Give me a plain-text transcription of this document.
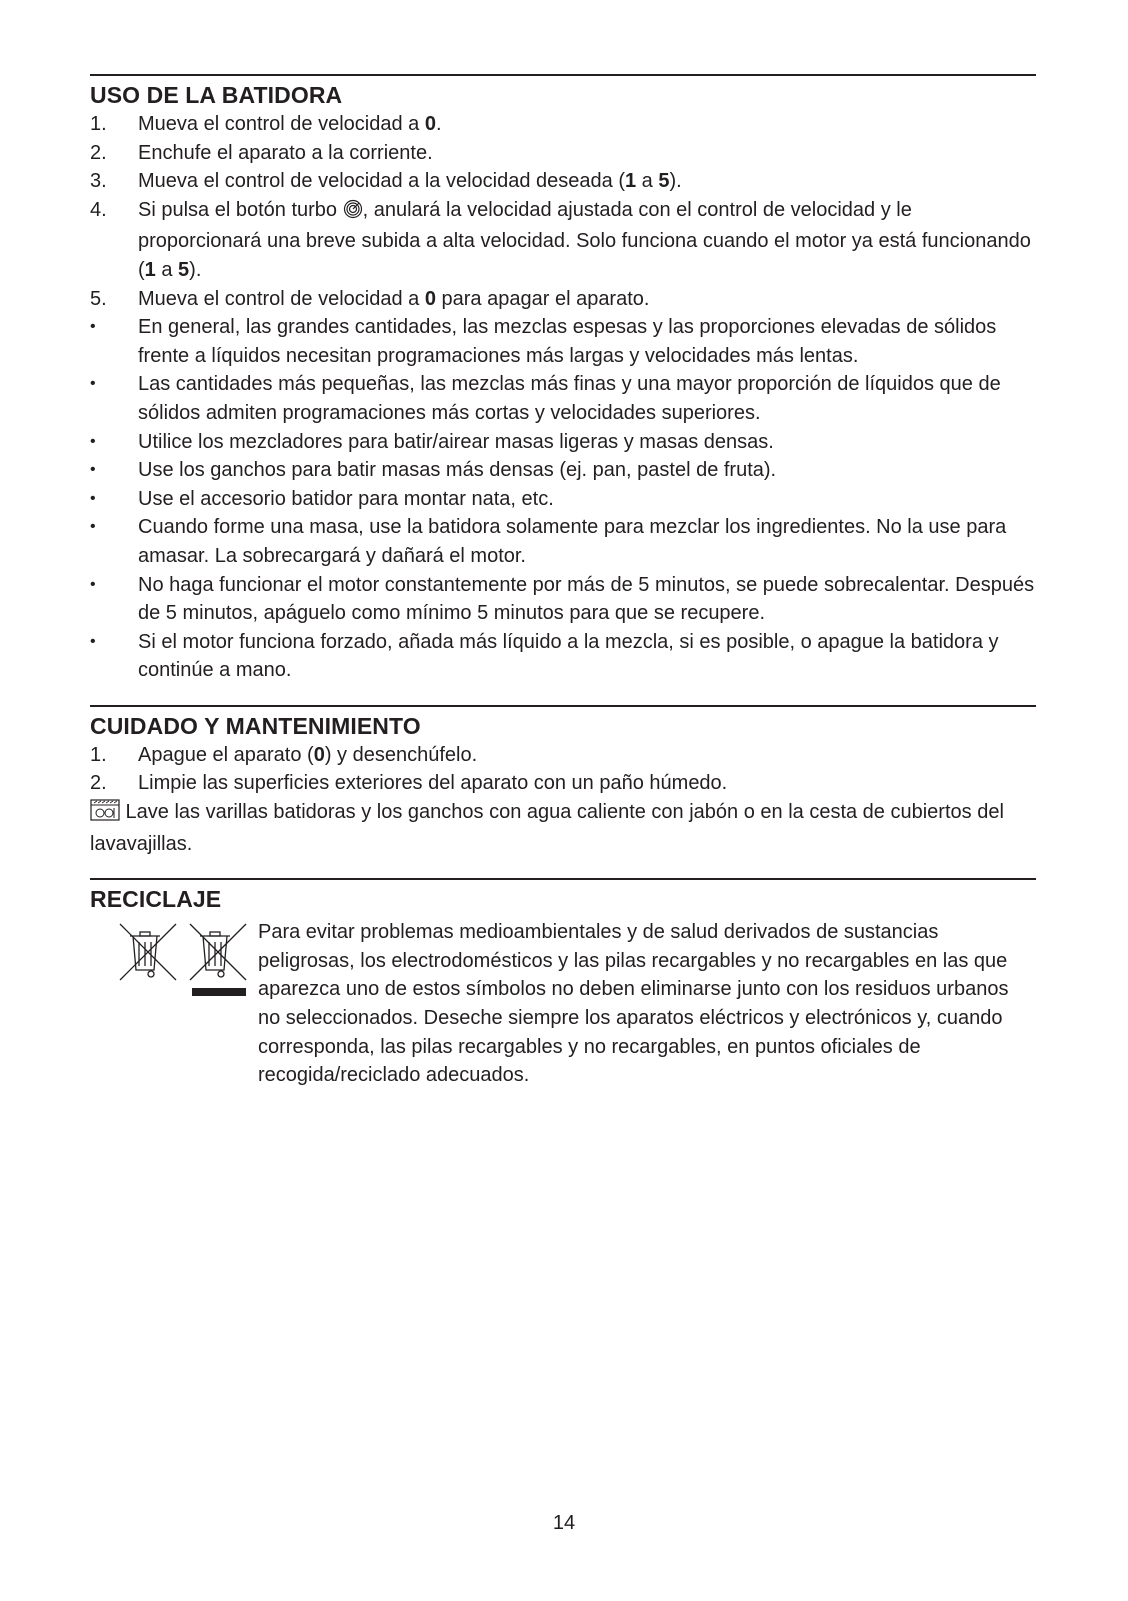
USO DE LA BATIDORA
1.	Mueva el control de velocidad a 0.
2.	Enchufe el aparato a la corriente.
3.	Mueva el control de velocidad a la velocidad deseada (1 a 5).
4.	Si pulsa el botón turbo , anulará la velocidad ajustada con el control de velocidad y le proporcionará una breve subida a alta velocidad. Solo funciona cuando el motor ya está funcionando (1 a 5).
5.	Mueva el control de velocidad a 0 para apagar el aparato.
•	En general, las grandes cantidades, las mezclas espesas y las proporciones elevadas de sólidos frente a líquidos necesitan programaciones más largas y velocidades más lentas.
•	Las cantidades más pequeñas, las mezclas más finas y una mayor proporción de líquidos que de sólidos admiten programaciones más cortas y velocidades superiores.
•	Utilice los mezcladores para batir/airear masas ligeras y masas densas.
•	Use los ganchos para batir masas más densas (ej. pan, pastel de fruta).
•	Use el accesorio batidor para montar nata, etc.
•	Cuando forme una masa, use la batidora solamente para mezclar los ingredientes. No la use para amasar. La sobrecargará y dañará el motor.
•	No haga funcionar el motor constantemente por más de 5 minutos, se puede sobrecalentar. Después de 5 minutos, apáguelo como mínimo 5 minutos para que se recupere.
•	Si el motor funciona forzado, añada más líquido a la mezcla, si es posible, o apague la batidora y continúe a mano.
CUIDADO Y MANTENIMIENTO
1.	Apague el aparato (0) y desenchúfelo.
2.	Limpie las superficies exteriores del aparato con un paño húmedo.
Lave las varillas batidoras y los ganchos con agua caliente con jabón o en la cesta de cubiertos del lavavajillas.
RECICLAJE
Para evitar problemas medioambientales y de salud derivados de sustancias peligrosas, los electrodomésticos y las pilas recargables y no recargables en las que aparezca uno de estos símbolos no deben eliminarse junto con los residuos urbanos no seleccionados. Deseche siempre los aparatos eléctricos y electrónicos y, cuando corresponda, las pilas recargables y no recargables, en puntos oficiales de recogida/reciclado adecuados.
14
